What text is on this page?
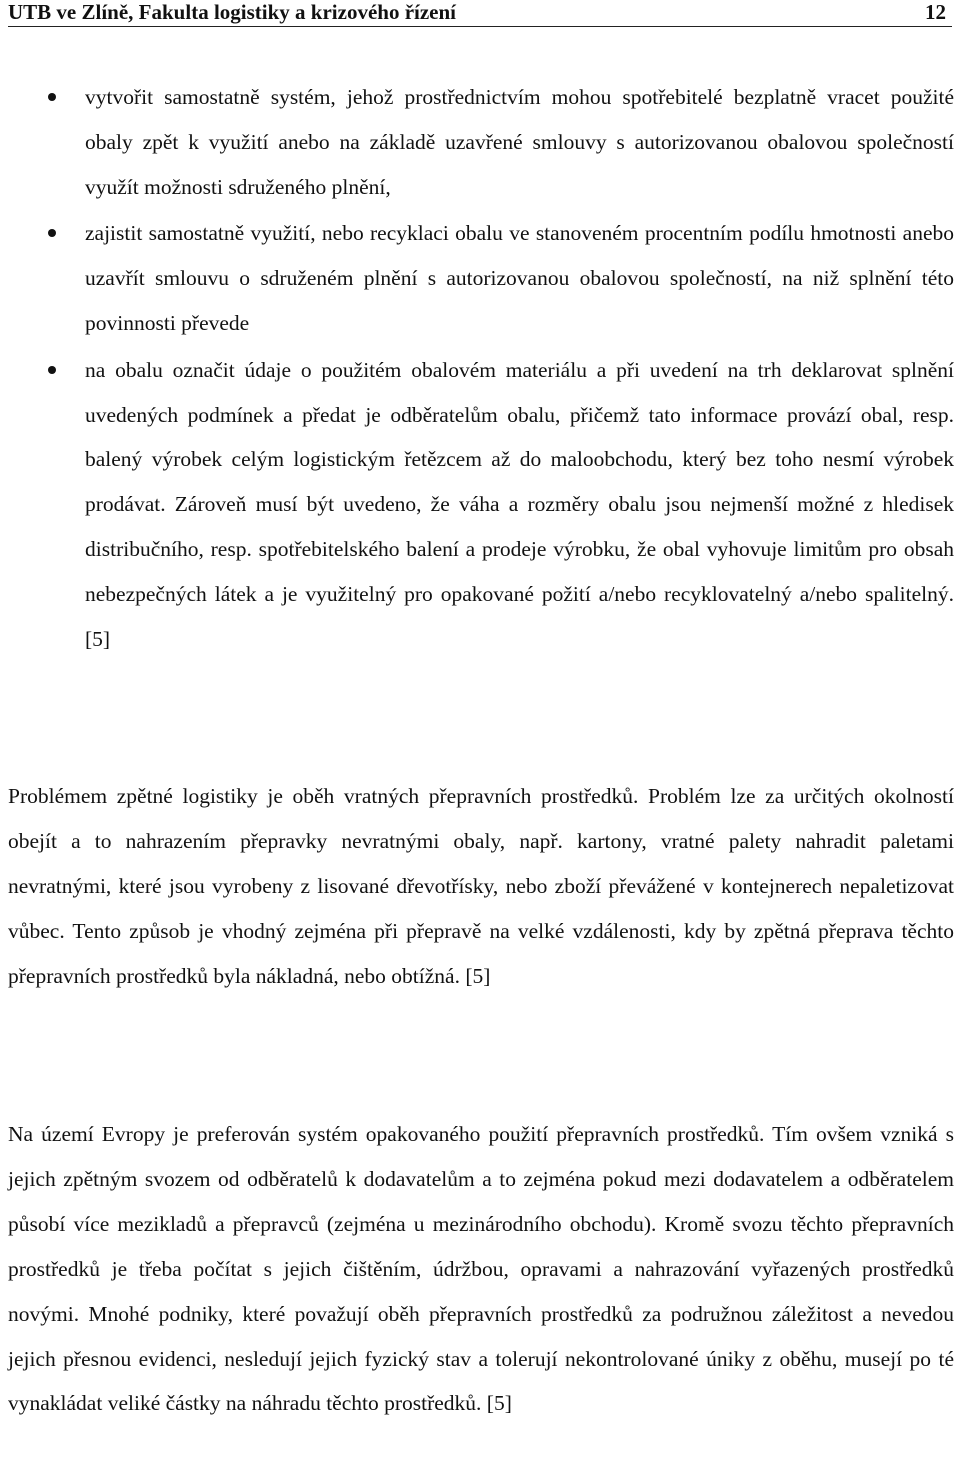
UTB ve Zlíně, Fakulta logistiky a krizového řízení	12
vytvořit samostatně systém, jehož prostřednictvím mohou spotřebitelé bezplatně vracet použité obaly zpět k využití anebo na základě uzavřené smlouvy s autorizovanou obalovou společností využít možnosti sdruženého plnění,
zajistit samostatně využití, nebo recyklaci obalu ve stanoveném procentním podílu hmotnosti anebo uzavřít smlouvu o sdruženém plnění s autorizovanou obalovou společností, na niž splnění této povinnosti převede
na obalu označit údaje o použitém obalovém materiálu a při uvedení na trh deklarovat splnění uvedených podmínek a předat je odběratelům obalu, přičemž tato informace provází obal, resp. balený výrobek celým logistickým řetězcem až do maloobchodu, který bez toho nesmí výrobek prodávat. Zároveň musí být uvedeno, že váha a rozměry obalu jsou nejmenší možné z hledisek distribučního, resp. spotřebitelského balení a prodeje výrobku, že obal vyhovuje limitům pro obsah nebezpečných látek a je využitelný pro opakované požití a/nebo recyklovatelný a/nebo spalitelný. [5]

Problémem zpětné logistiky je oběh vratných přepravních prostředků. Problém lze za určitých okolností obejít a to nahrazením přepravky nevratnými obaly, např. kartony, vratné palety nahradit paletami nevratnými, které jsou vyrobeny z lisované dřevotřísky, nebo zboží převážené v kontejnerech nepaletizovat vůbec. Tento způsob je vhodný zejména při přepravě na velké vzdálenosti, kdy by zpětná přeprava těchto přepravních prostředků byla nákladná, nebo obtížná. [5]

Na území Evropy je preferován systém opakovaného použití přepravních prostředků. Tím ovšem vzniká s jejich zpětným svozem od odběratelů k dodavatelům a to zejména pokud mezi dodavatelem a odběratelem působí více mezikladů a přepravců (zejména u mezinárodního obchodu). Kromě svozu těchto přepravních prostředků je třeba počítat s jejich čištěním, údržbou, opravami a nahrazování vyřazených prostředků novými. Mnohé podniky, které považují oběh přepravních prostředků za podružnou záležitost a nevedou jejich přesnou evidenci, nesledují jejich fyzický stav a tolerují nekontrolované úniky z oběhu, musejí po té vynakládat veliké částky na náhradu těchto prostředků. [5]
